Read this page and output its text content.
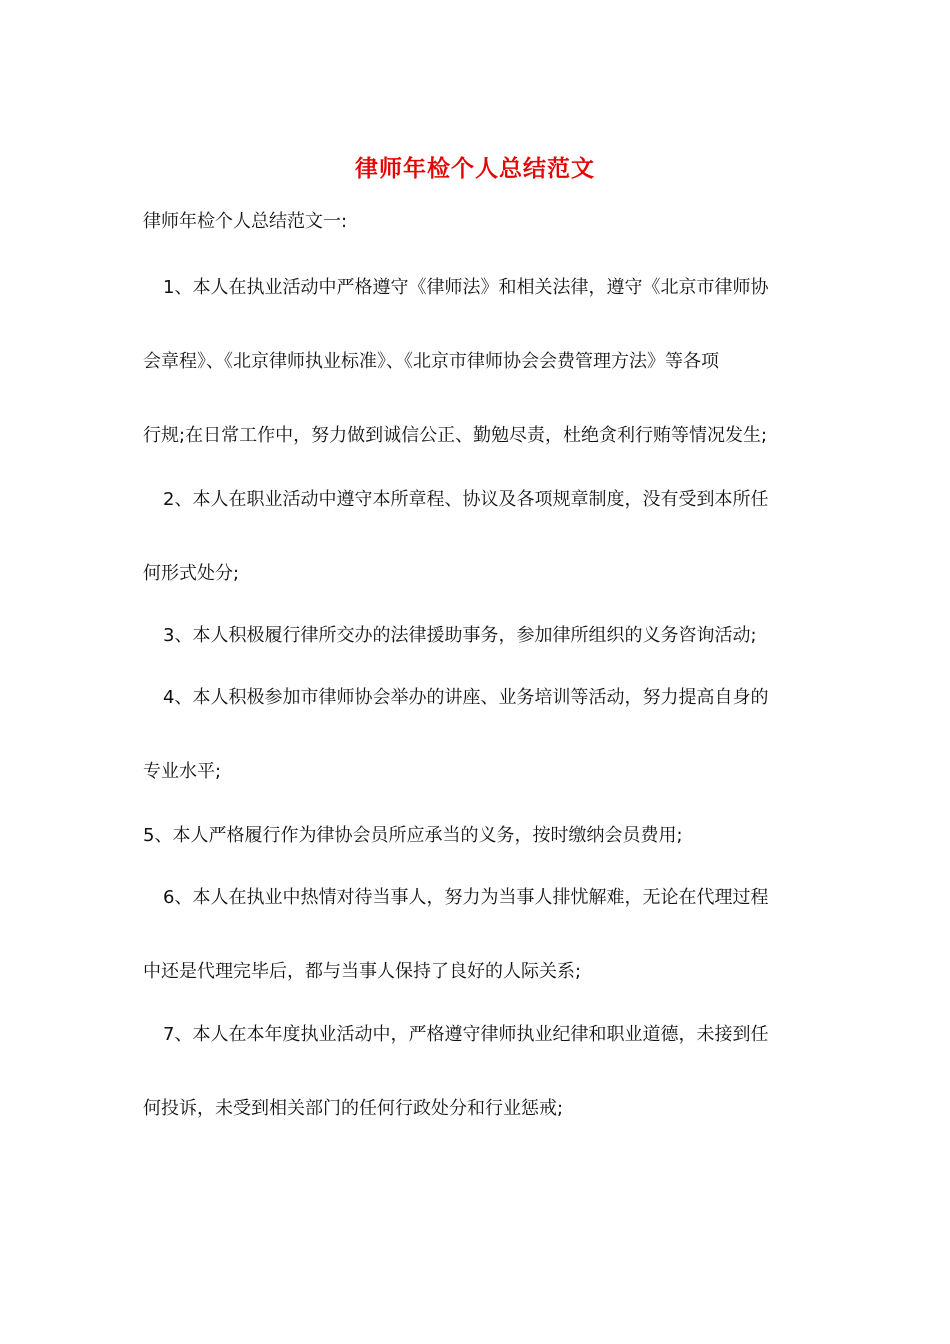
律师年检个人总结范文
律师年检个人总结范文一:
1、本人在执业活动中严格遵守《律师法》和相关法律，遵守《北京市律师协
会章程》、《北京律师执业标准》、《北京市律师协会会费管理方法》等各项
行规;在日常工作中，努力做到诚信公正、勤勉尽责，杜绝贪利行贿等情况发生;
2、本人在职业活动中遵守本所章程、协议及各项规章制度，没有受到本所任
何形式处分;
3、本人积极履行律所交办的法律援助事务，参加律所组织的义务咨询活动;
4、本人积极参加市律师协会举办的讲座、业务培训等活动，努力提高自身的
专业水平;
5、本人严格履行作为律协会员所应承当的义务，按时缴纳会员费用;
6、本人在执业中热情对待当事人，努力为当事人排忧解难，无论在代理过程
中还是代理完毕后，都与当事人保持了良好的人际关系;
7、本人在本年度执业活动中，严格遵守律师执业纪律和职业道德，未接到任
何投诉，未受到相关部门的任何行政处分和行业惩戒;
